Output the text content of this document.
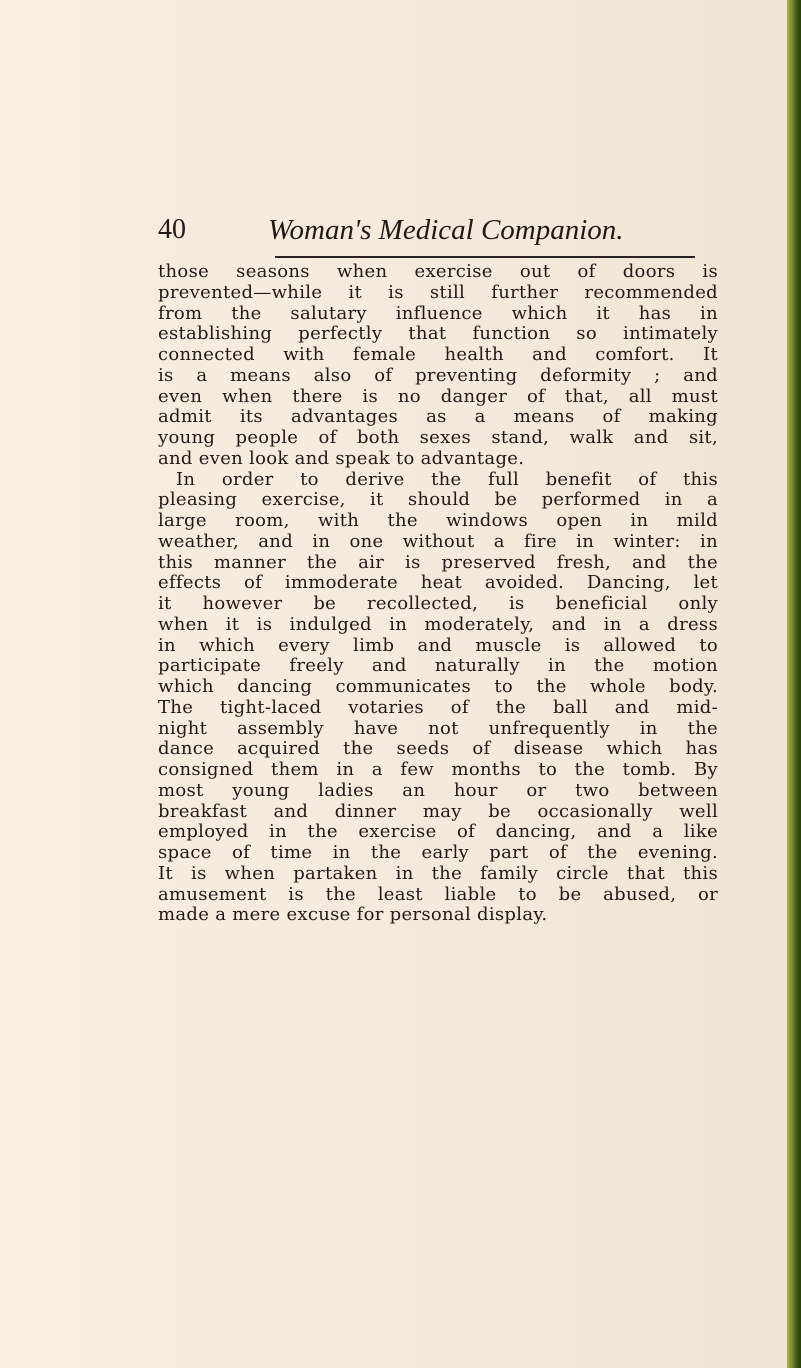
40	Woman's Medical Companion.
those seasons when exercise out of doors is
prevented—while it is still further recommended
from the salutary influence which it has in
establishing perfectly that function so intimately
connected with female health and comfort. It
is a means also of preventing deformity ; and
even when there is no danger of that, all must
admit its advantages as a means of making
young people of both sexes stand, walk and sit,
and even look and speak to advantage.
In order to derive the full benefit of this
pleasing exercise, it should be performed in a
large room, with the windows open in mild
weather, and in one without a fire in winter: in
this manner the air is preserved fresh, and the
effects of immoderate heat avoided. Dancing, let
it however be recollected, is beneficial only
when it is indulged in moderately, and in a dress
in which every limb and muscle is allowed to
participate freely and naturally in the motion
which dancing communicates to the whole body.
The tight-laced votaries of the ball and mid-
night assembly have not unfrequently in the
dance acquired the seeds of disease which has
consigned them in a few months to the tomb. By
most young ladies an hour or two between
breakfast and dinner may be occasionally well
employed in the exercise of dancing, and a like
space of time in the early part of the evening.
It is when partaken in the family circle that this
amusement is the least liable to be abused, or
made a mere excuse for personal display.
